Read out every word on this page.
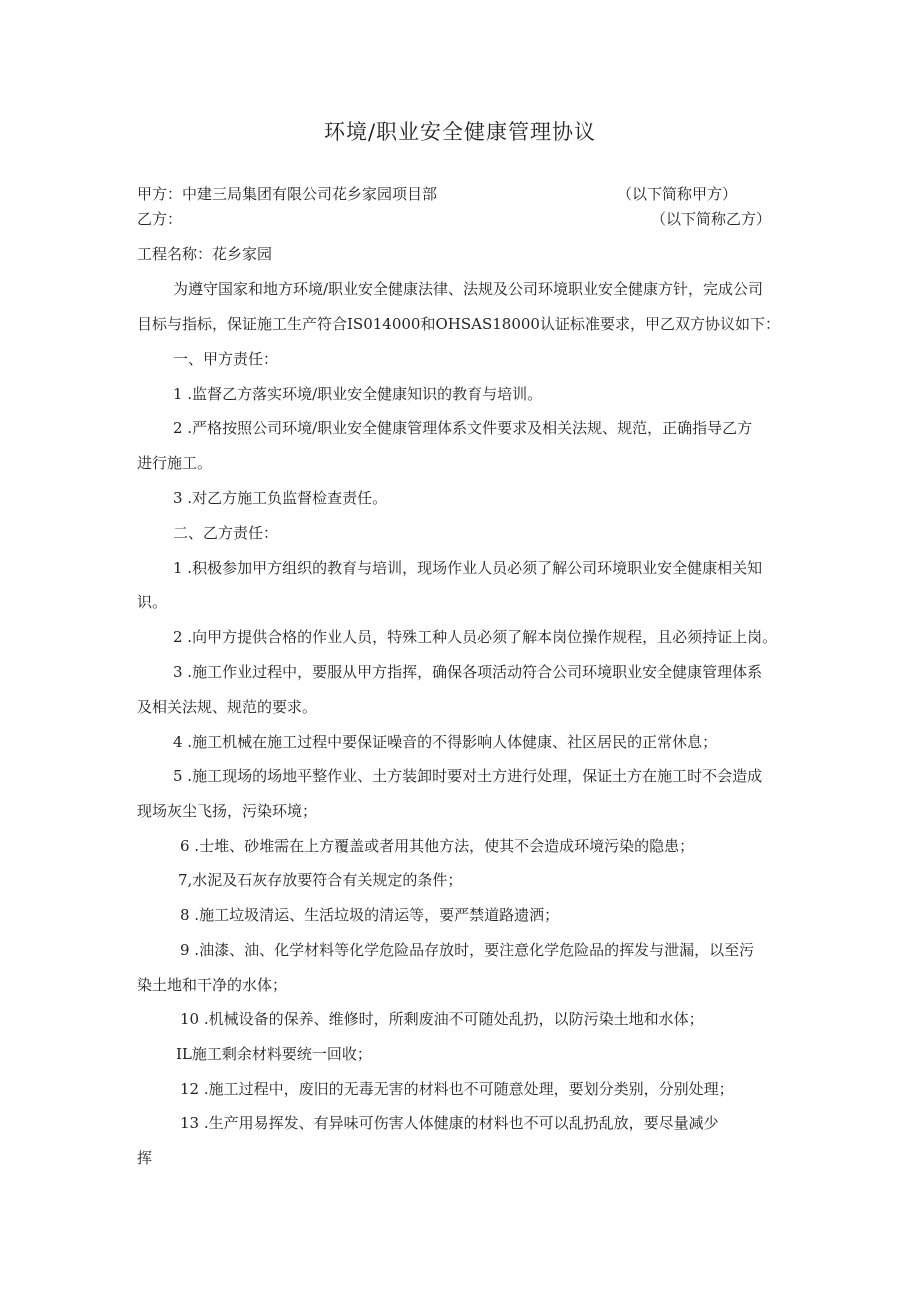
环境/职业安全健康管理协议
甲方：中建三局集团有限公司花乡家园项目部	（以下简称甲方）
乙方：	（以下简称乙方）
工程名称：花乡家园
为遵守国家和地方环境/职业安全健康法律、法规及公司环境职业安全健康方针，完成公司
目标与指标，保证施工生产符合IS014000和OHSAS18000认证标准要求，甲乙双方协议如下：
一、甲方责任：
1 .监督乙方落实环境/职业安全健康知识的教育与培训。
2 .严格按照公司环境/职业安全健康管理体系文件要求及相关法规、规范，正确指导乙方
进行施工。
3 .对乙方施工负监督检查责任。
二、乙方责任：
1 .积极参加甲方组织的教育与培训，现场作业人员必须了解公司环境职业安全健康相关知
识。
2 .向甲方提供合格的作业人员，特殊工种人员必须了解本岗位操作规程，且必须持证上岗。
3 .施工作业过程中，要服从甲方指挥，确保各项活动符合公司环境职业安全健康管理体系
及相关法规、规范的要求。
4 .施工机械在施工过程中要保证噪音的不得影响人体健康、社区居民的正常休息；
5 .施工现场的场地平整作业、土方装卸时要对土方进行处理，保证土方在施工时不会造成
现场灰尘飞扬，污染环境；
6 .士堆、砂堆需在上方覆盖或者用其他方法，使其不会造成环境污染的隐患；
7,水泥及石灰存放要符合有关规定的条件；
8 .施工垃圾清运、生活垃圾的清运等，要严禁道路遗洒；
9 .油漆、油、化学材料等化学危险品存放时，要注意化学危险品的挥发与泄漏，以至污
染土地和干净的水体；
10 .机械设备的保养、维修时，所剩废油不可随处乱扔，以防污染土地和水体；
IL施工剩余材料要统一回收；
12 .施工过程中，废旧的无毒无害的材料也不可随意处理，要划分类别，分别处理；
13 .生产用易挥发、有异味可伤害人体健康的材料也不可以乱扔乱放，要尽量减少
挥
